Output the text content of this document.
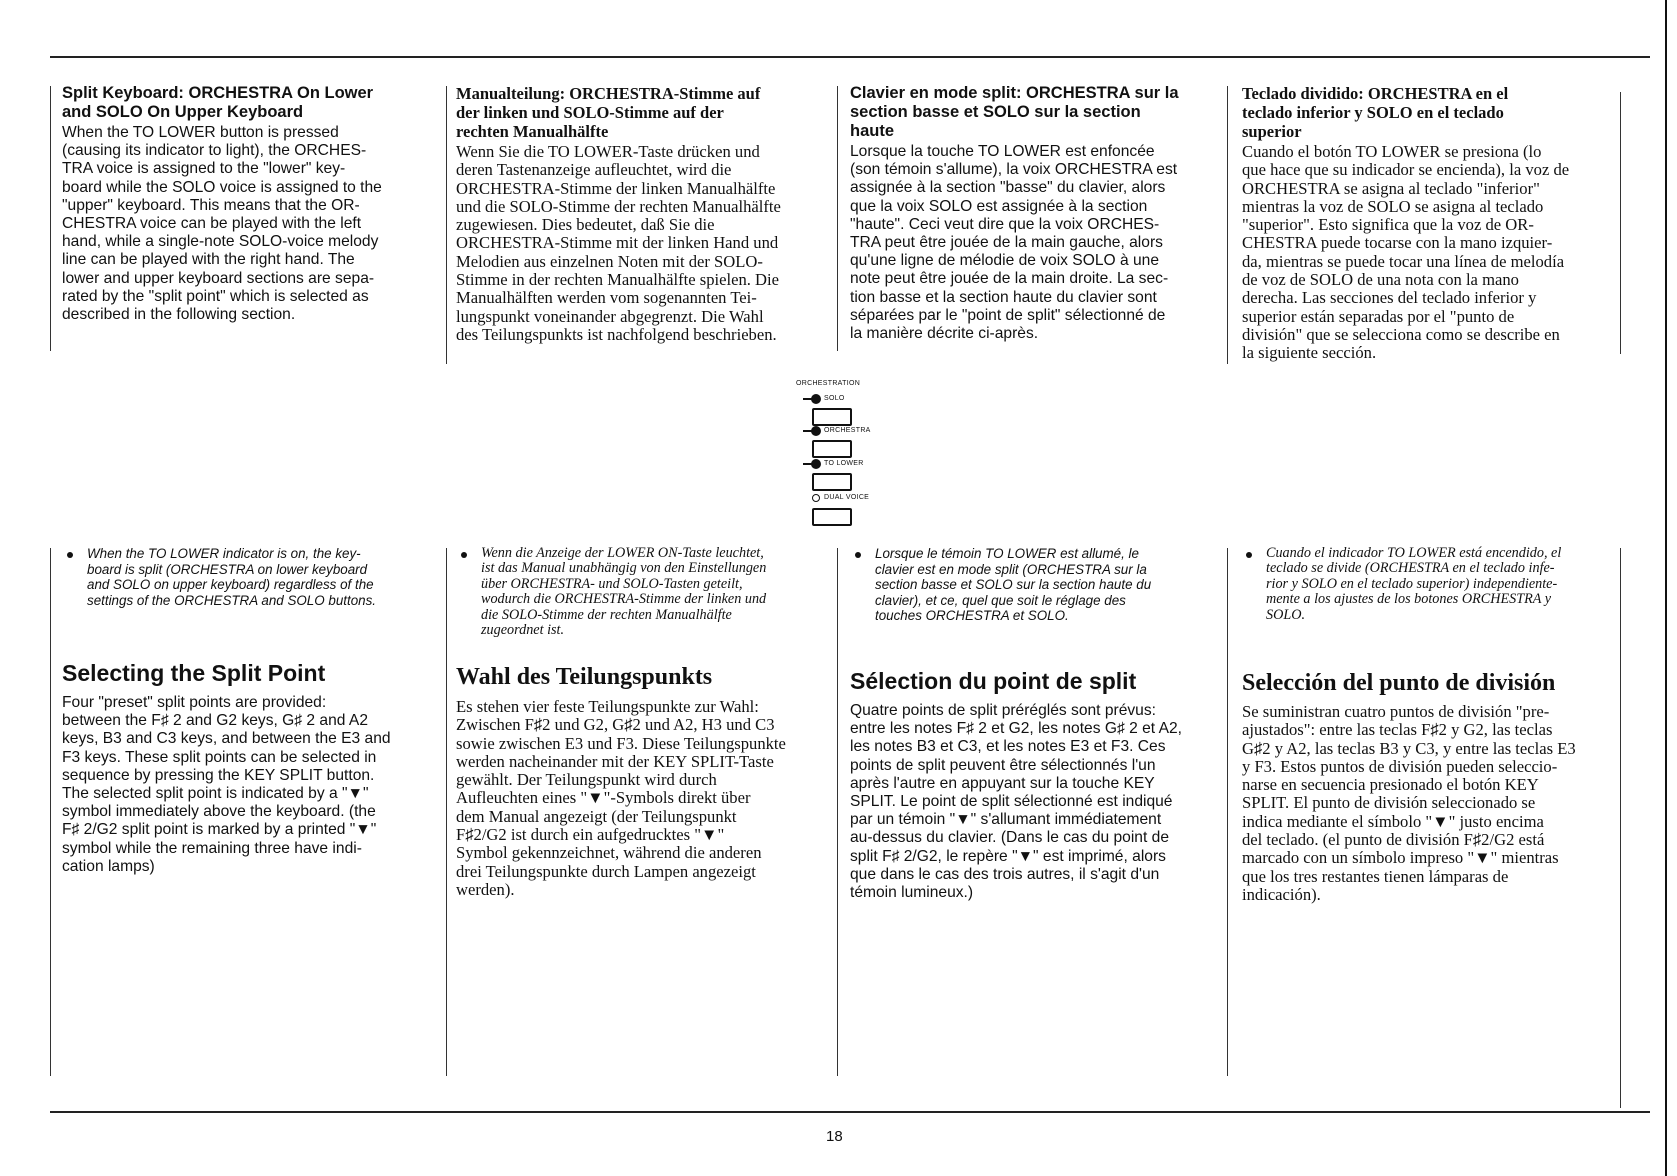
Split Keyboard: ORCHESTRA On Lower
and SOLO On Upper Keyboard

When the TO LOWER button is pressed
(causing its indicator to light), the ORCHES-
TRA voice is assigned to the "lower" key-
board while the SOLO voice is assigned to the
"upper" keyboard. This means that the OR-
CHESTRA voice can be played with the left
hand, while a single-note SOLO-voice melody
line can be played with the right hand. The
lower and upper keyboard sections are sepa-
rated by the "split point" which is selected as
described in the following section.

When the TO LOWER indicator is on, the key-
board is split (ORCHESTRA on lower keyboard
and SOLO on upper keyboard) regardless of the
settings of the ORCHESTRA and SOLO buttons.

Selecting the Split Point

Four "preset" split points are provided:
between the F♯ 2 and G2 keys, G♯ 2 and A2
keys, B3 and C3 keys, and between the E3 and
F3 keys. These split points can be selected in
sequence by pressing the KEY SPLIT button.
The selected split point is indicated by a "▼"
symbol immediately above the keyboard. (the
F♯ 2/G2 split point is marked by a printed "▼"
symbol while the remaining three have indi-
cation lamps)

Manualteilung: ORCHESTRA-Stimme auf
der linken und SOLO-Stimme auf der
rechten Manualhälfte

Wenn Sie die TO LOWER-Taste drücken und
deren Tastenanzeige aufleuchtet, wird die
ORCHESTRA-Stimme der linken Manualhälfte
und die SOLO-Stimme der rechten Manualhälfte
zugewiesen. Dies bedeutet, daß Sie die
ORCHESTRA-Stimme mit der linken Hand und
Melodien aus einzelnen Noten mit der SOLO-
Stimme in der rechten Manualhälfte spielen. Die
Manualhälften werden vom sogenannten Tei-
lungspunkt voneinander abgegrenzt. Die Wahl
des Teilungspunkts ist nachfolgend beschrieben.

Wenn die Anzeige der LOWER ON-Taste leuchtet,
ist das Manual unabhängig von den Einstellungen
über ORCHESTRA- und SOLO-Tasten geteilt,
wodurch die ORCHESTRA-Stimme der linken und
die SOLO-Stimme der rechten Manualhälfte
zugeordnet ist.

Wahl des Teilungspunkts

Es stehen vier feste Teilungspunkte zur Wahl:
Zwischen F♯2 und G2, G♯2 und A2, H3 und C3
sowie zwischen E3 und F3. Diese Teilungspunkte
werden nacheinander mit der KEY SPLIT-Taste
gewählt. Der Teilungspunkt wird durch
Aufleuchten eines "▼"-Symbols direkt über
dem Manual angezeigt (der Teilungspunkt
F♯2/G2 ist durch ein aufgedrucktes "▼"
Symbol gekennzeichnet, während die anderen
drei Teilungspunkte durch Lampen angezeigt
werden).

Clavier en mode split: ORCHESTRA sur la
section basse et SOLO sur la section
haute

Lorsque la touche TO LOWER est enfoncée
(son témoin s'allume), la voix ORCHESTRA est
assignée à la section "basse" du clavier, alors
que la voix SOLO est assignée à la section
"haute". Ceci veut dire que la voix ORCHES-
TRA peut être jouée de la main gauche, alors
qu'une ligne de mélodie de voix SOLO à une
note peut être jouée de la main droite. La sec-
tion basse et la section haute du clavier sont
séparées par le "point de split" sélectionné de
la manière décrite ci-après.

Lorsque le témoin TO LOWER est allumé, le
clavier est en mode split (ORCHESTRA sur la
section basse et SOLO sur la section haute du
clavier), et ce, quel que soit le réglage des
touches ORCHESTRA et SOLO.

Sélection du point de split

Quatre points de split préréglés sont prévus:
entre les notes F♯ 2 et G2, les notes G♯ 2 et A2,
les notes B3 et C3, et les notes E3 et F3. Ces
points de split peuvent être sélectionnés l'un
après l'autre en appuyant sur la touche KEY
SPLIT. Le point de split sélectionné est indiqué
par un témoin "▼" s'allumant immédiatement
au-dessus du clavier. (Dans le cas du point de
split F♯ 2/G2, le repère "▼" est imprimé, alors
que dans le cas des trois autres, il s'agit d'un
témoin lumineux.)

Teclado dividido: ORCHESTRA en el
teclado inferior y SOLO en el teclado
superior

Cuando el botón TO LOWER se presiona (lo
que hace que su indicador se encienda), la voz de
ORCHESTRA se asigna al teclado "inferior"
mientras la voz de SOLO se asigna al teclado
"superior". Esto significa que la voz de OR-
CHESTRA puede tocarse con la mano izquier-
da, mientras se puede tocar una línea de melodía
de voz de SOLO de una nota con la mano
derecha. Las secciones del teclado inferior y
superior están separadas por el "punto de
división" que se selecciona como se describe en
la siguiente sección.

Cuando el indicador TO LOWER está encendido, el
teclado se divide (ORCHESTRA en el teclado infe-
rior y SOLO en el teclado superior) independiente-
mente a los ajustes de los botones ORCHESTRA y
SOLO.

Selección del punto de división

Se suministran cuatro puntos de división "pre-
ajustados": entre las teclas F♯2 y G2, las teclas
G♯2 y A2, las teclas B3 y C3, y entre las teclas E3
y F3. Estos puntos de división pueden seleccio-
narse en secuencia presionado el botón KEY
SPLIT. El punto de división seleccionado se
indica mediante el símbolo "▼" justo encima
del teclado. (el punto de división F♯2/G2 está
marcado con un símbolo impreso "▼" mientras
que los tres restantes tienen lámparas de
indicación).

ORCHESTRATION
SOLO
ORCHESTRA
TO LOWER
DUAL VOICE
18
